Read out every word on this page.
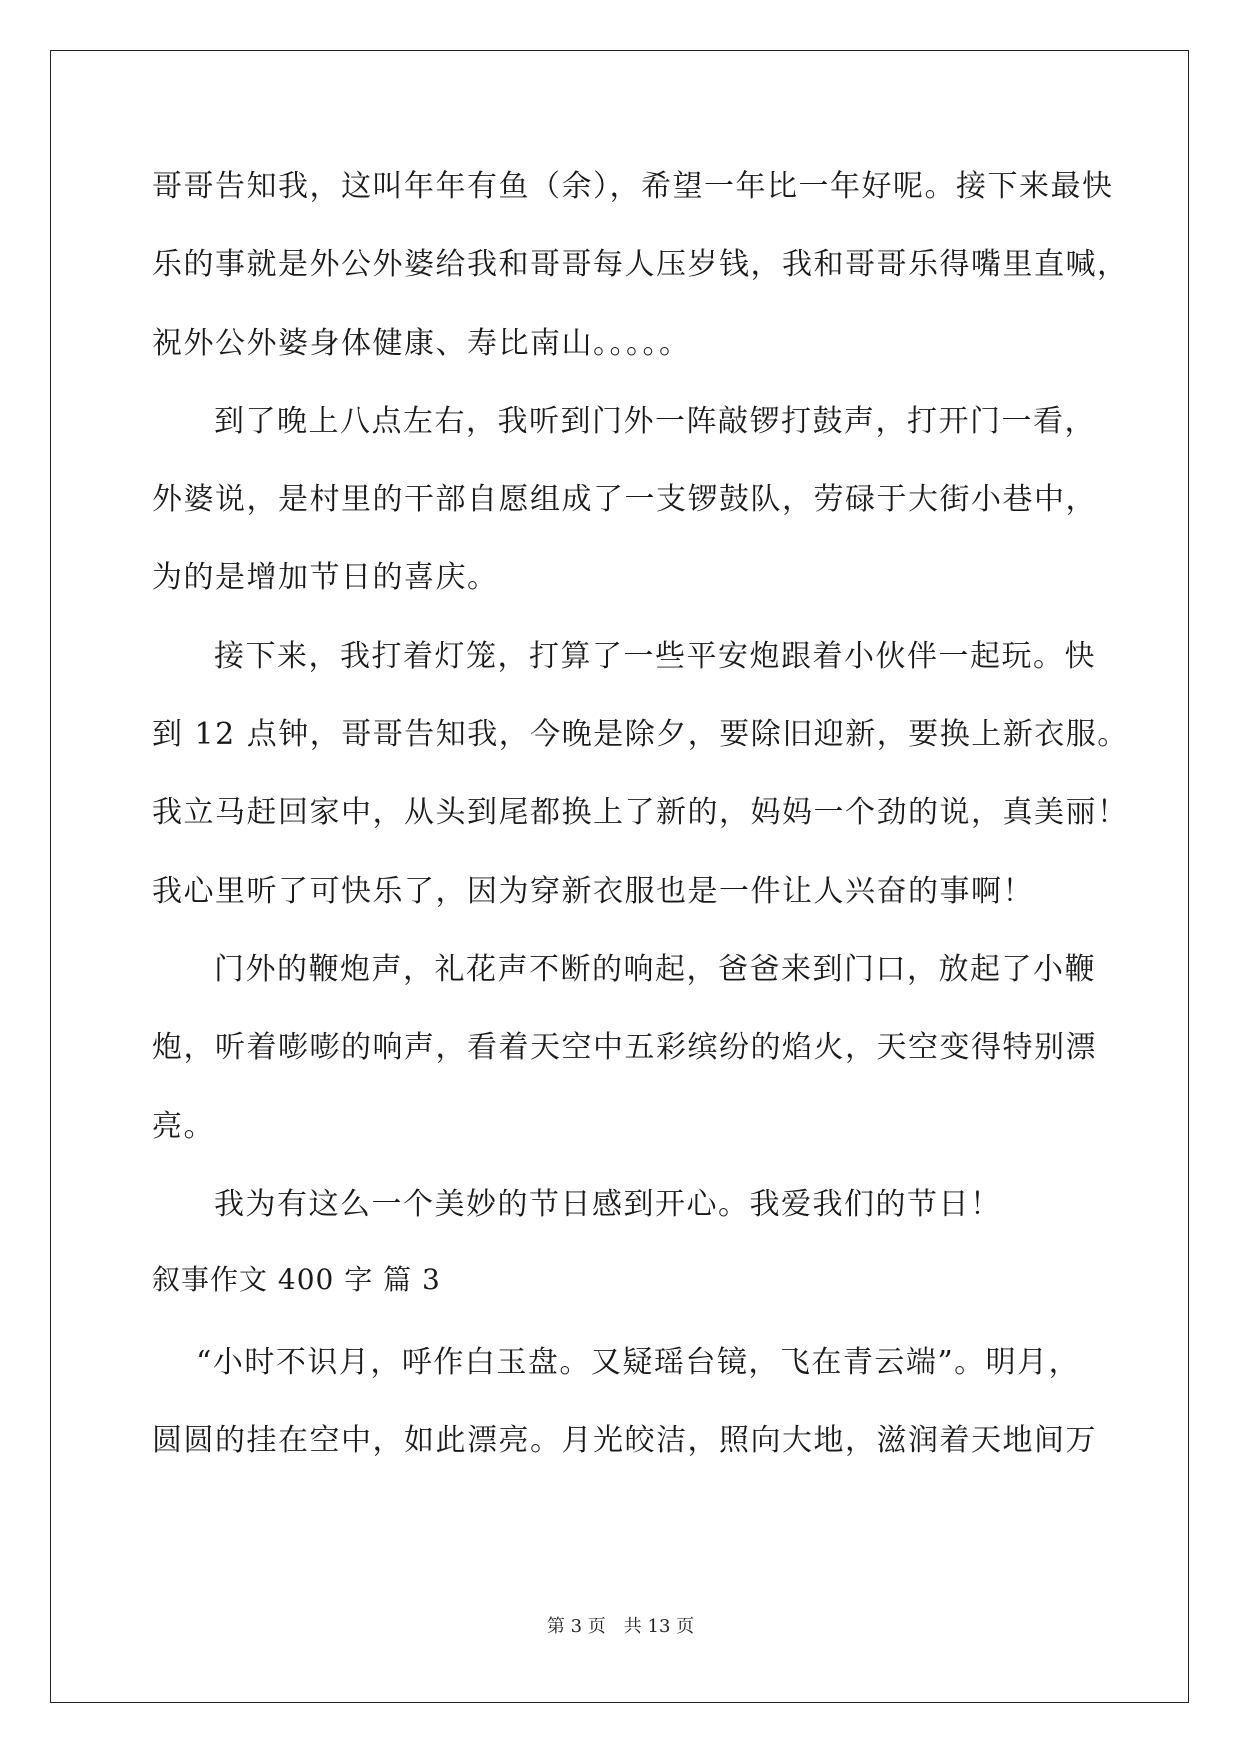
哥哥告知我，这叫年年有鱼（余），希望一年比一年好呢。接下来最快
乐的事就是外公外婆给我和哥哥每人压岁钱，我和哥哥乐得嘴里直喊，
祝外公外婆身体健康、寿比南山。。。。。
到了晚上八点左右，我听到门外一阵敲锣打鼓声，打开门一看，
外婆说，是村里的干部自愿组成了一支锣鼓队，劳碌于大街小巷中，
为的是增加节日的喜庆。
接下来，我打着灯笼，打算了一些平安炮跟着小伙伴一起玩。快
到 12 点钟，哥哥告知我，今晚是除夕，要除旧迎新，要换上新衣服。
我立马赶回家中，从头到尾都换上了新的，妈妈一个劲的说，真美丽！
我心里听了可快乐了，因为穿新衣服也是一件让人兴奋的事啊！
门外的鞭炮声，礼花声不断的响起，爸爸来到门口，放起了小鞭
炮，听着嘭嘭的响声，看着天空中五彩缤纷的焰火，天空变得特别漂
亮。
我为有这么一个美妙的节日感到开心。我爱我们的节日！
叙事作文 400 字 篇 3
“小时不识月，呼作白玉盘。又疑瑶台镜，飞在青云端”。明月，
圆圆的挂在空中，如此漂亮。月光皎洁，照向大地，滋润着天地间万
第 3 页 共 13 页
